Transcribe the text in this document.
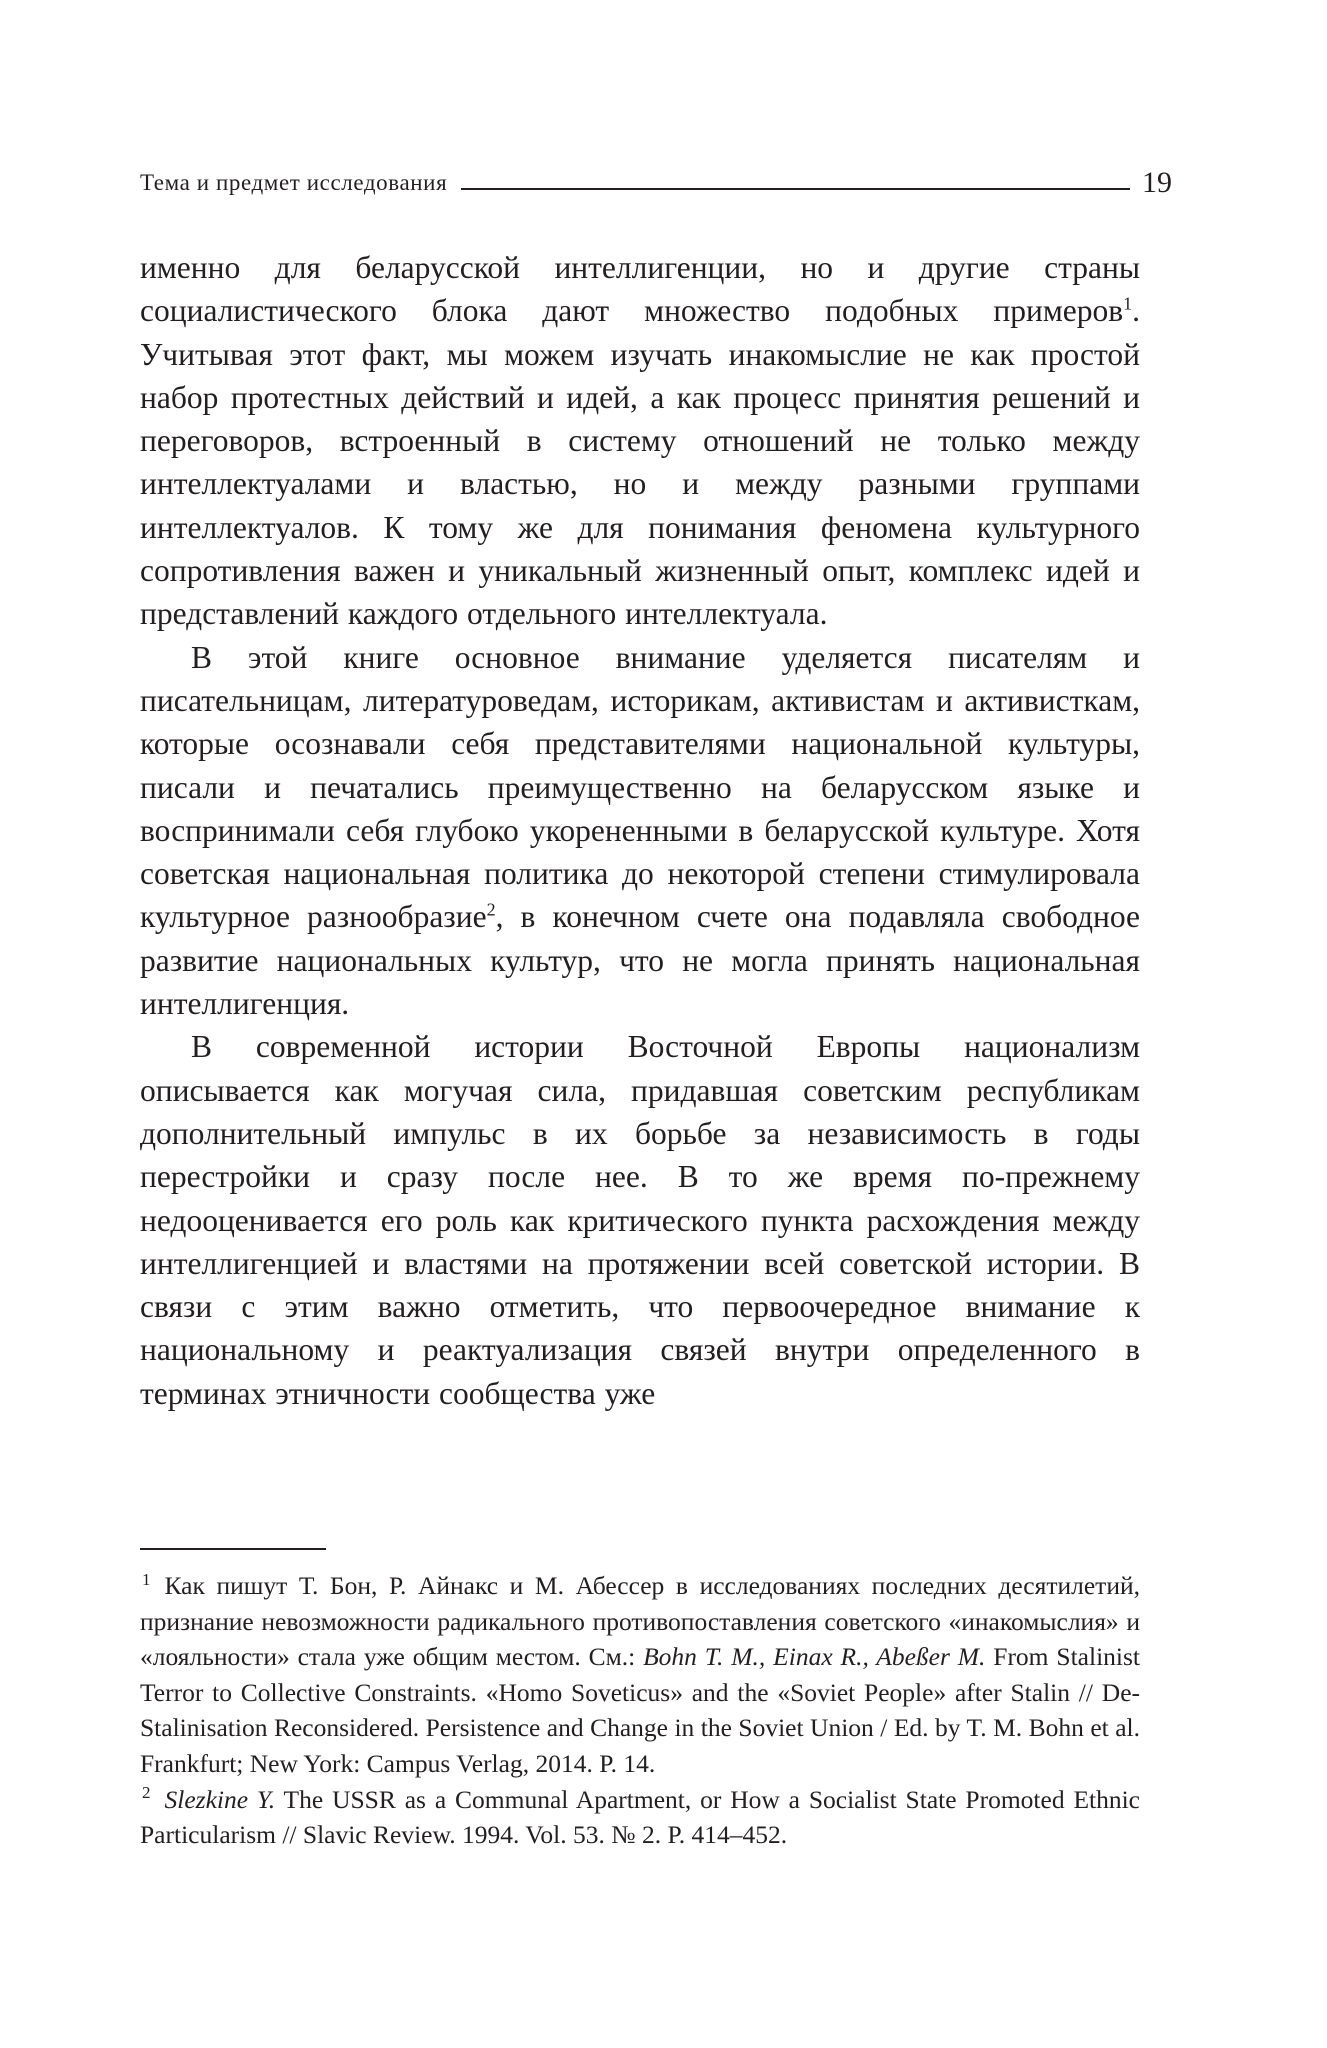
Тема и предмет исследования	19

именно для беларусской интеллигенции, но и другие страны социалистического блока дают множество подобных примеров$^1$. Учитывая этот факт, мы можем изучать инакомыслие не как простой набор протестных действий и идей, а как процесс принятия решений и переговоров, встроенный в систему отношений не только между интеллектуалами и властью, но и между разными группами интеллектуалов. К тому же для понимания феномена культурного сопротивления важен и уникальный жизненный опыт, комплекс идей и представлений каждого отдельного интеллектуала.

В этой книге основное внимание уделяется писателям и писательницам, литературоведам, историкам, активистам и активисткам, которые осознавали себя представителями национальной культуры, писали и печатались преимущественно на беларусском языке и воспринимали себя глубоко укорененными в беларусской культуре. Хотя советская национальная политика до некоторой степени стимулировала культурное разнообразие$^2$, в конечном счете она подавляла свободное развитие национальных культур, что не могла принять национальная интеллигенция.

В современной истории Восточной Европы национализм описывается как могучая сила, придавшая советским республикам дополнительный импульс в их борьбе за независимость в годы перестройки и сразу после нее. В то же время по-прежнему недооценивается его роль как критического пункта расхождения между интеллигенцией и властями на протяжении всей советской истории. В связи с этим важно отметить, что первоочередное внимание к национальному и реактуализация связей внутри определенного в терминах этничности сообщества уже

1 Как пишут Т. Бон, Р. Айнакс и М. Абессер в исследованиях последних десятилетий, признание невозможности радикального противопоставления советского «инакомыслия» и «лояльности» стала уже общим местом. См.: Bohn T. M., Einax R., Abeßer M. From Stalinist Terror to Collective Constraints. «Homo Soveticus» and the «Soviet People» after Stalin // De-Stalinisation Reconsidered. Persistence and Change in the Soviet Union / Ed. by T. M. Bohn et al. Frankfurt; New York: Campus Verlag, 2014. P. 14.

2 Slezkine Y. The USSR as a Communal Apartment, or How a Socialist State Promoted Ethnic Particularism // Slavic Review. 1994. Vol. 53. № 2. P. 414–452.
